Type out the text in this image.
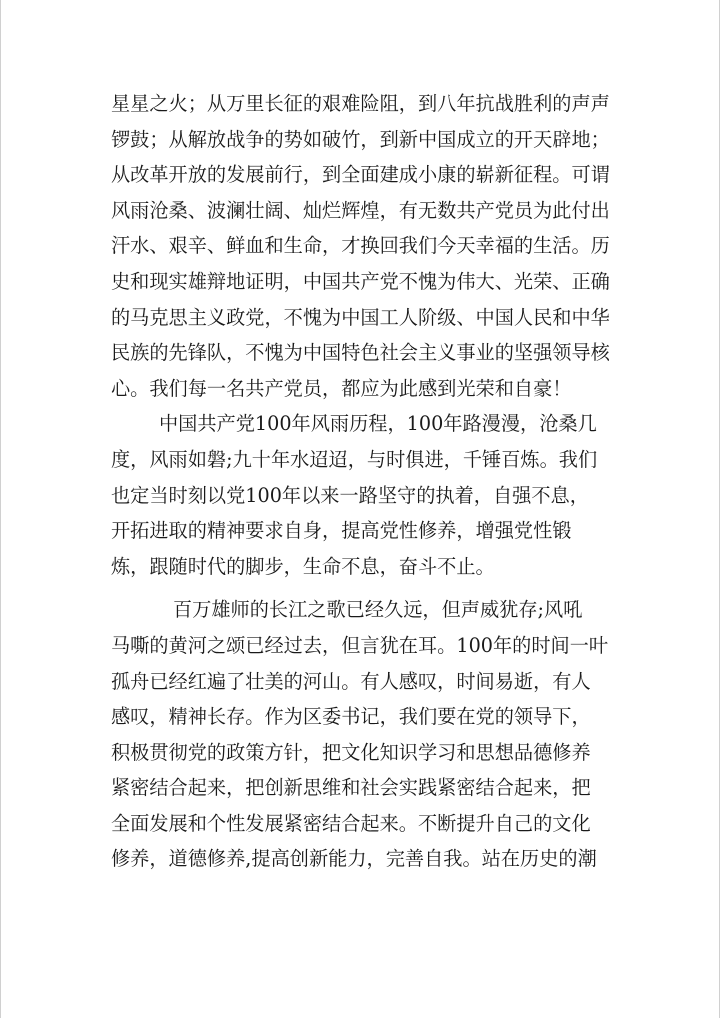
星星之火；从万里长征的艰难险阻，到八年抗战胜利的声声
锣鼓；从解放战争的势如破竹，到新中国成立的开天辟地；
从改革开放的发展前行，到全面建成小康的崭新征程。可谓
风雨沧桑、波澜壮阔、灿烂辉煌，有无数共产党员为此付出
汗水、艰辛、鲜血和生命，才换回我们今天幸福的生活。历
史和现实雄辩地证明，中国共产党不愧为伟大、光荣、正确
的马克思主义政党，不愧为中国工人阶级、中国人民和中华
民族的先锋队，不愧为中国特色社会主义事业的坚强领导核
心。我们每一名共产党员，都应为此感到光荣和自豪！
中国共产党100年风雨历程，100年路漫漫，沧桑几
度，风雨如磐;九十年水迢迢，与时俱进，千锤百炼。我们
也定当时刻以党100年以来一路坚守的执着，自强不息，
开拓进取的精神要求自身，提高党性修养，增强党性锻
炼，跟随时代的脚步，生命不息，奋斗不止。
百万雄师的长江之歌已经久远，但声威犹存;风吼
马嘶的黄河之颂已经过去，但言犹在耳。100年的时间一叶
孤舟已经红遍了壮美的河山。有人感叹，时间易逝，有人
感叹，精神长存。作为区委书记，我们要在党的领导下，
积极贯彻党的政策方针，把文化知识学习和思想品德修养
紧密结合起来，把创新思维和社会实践紧密结合起来，把
全面发展和个性发展紧密结合起来。不断提升自己的文化
修养，道德修养,提高创新能力，完善自我。站在历史的潮
